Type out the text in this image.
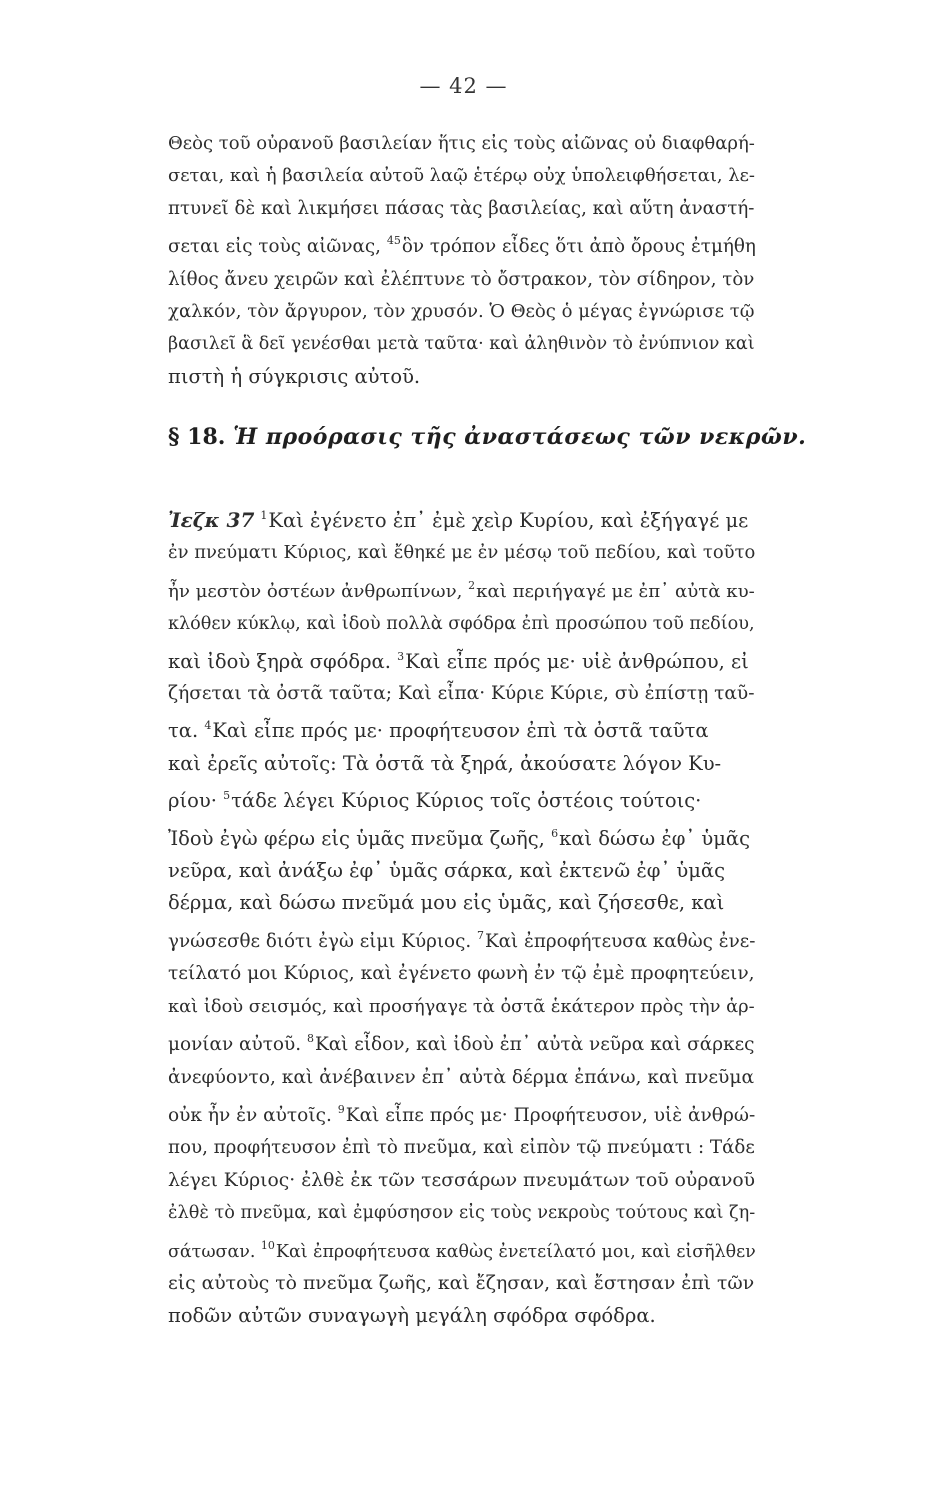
— 42 —
Θεὸς τοῦ οὐρανοῦ βασιλείαν ἥτις εἰς τοὺς αἰῶνας οὐ διαφθαρή-
σεται, καὶ ἡ βασιλεία αὐτοῦ λαῷ ἑτέρῳ οὐχ ὑπολειφθήσεται, λε-
πτυνεῖ δὲ καὶ λικμήσει πάσας τὰς βασιλείας, καὶ αὕτη ἀναστή-
σεται εἰς τοὺς αἰῶνας, $^{45}$ὃν τρόπον εἶδες ὅτι ἀπὸ ὄρους ἐτμήθη
λίθος ἄνευ χειρῶν καὶ ἐλέπτυνε τὸ ὄστρακον, τὸν σίδηρον, τὸν
χαλκόν, τὸν ἄργυρον, τὸν χρυσόν. Ὁ Θεὸς ὁ μέγας ἐγνώρισε τῷ
βασιλεῖ ἃ δεῖ γενέσθαι μετὰ ταῦτα· καὶ ἀληθινὸν τὸ ἐνύπνιον καὶ
πιστὴ ἡ σύγκρισις αὐτοῦ.
§ 18. Ἡ προόρασις τῆς ἀναστάσεως τῶν νεκρῶν.
Ἰεζκ 37 $^1$Καὶ ἐγένετο ἐπ᾽ ἐμὲ χεὶρ Κυρίου, καὶ ἐξήγαγέ με
ἐν πνεύματι Κύριος, καὶ ἔθηκέ με ἐν μέσῳ τοῦ πεδίου, καὶ τοῦτο
ἦν μεστὸν ὀστέων ἀνθρωπίνων, $^2$καὶ περιήγαγέ με ἐπ᾽ αὐτὰ κυ-
κλόθεν κύκλῳ, καὶ ἰδοὺ πολλὰ σφόδρα ἐπὶ προσώπου τοῦ πεδίου,
καὶ ἰδοὺ ξηρὰ σφόδρα. $^3$Καὶ εἶπε πρός με· υἱὲ ἀνθρώπου, εἰ
ζήσεται τὰ ὀστᾶ ταῦτα; Καὶ εἶπα· Κύριε Κύριε, σὺ ἐπίστῃ ταῦ-
τα. $^4$Καὶ εἶπε πρός με· προφήτευσον ἐπὶ τὰ ὀστᾶ ταῦτα
καὶ ἐρεῖς αὐτοῖς: Τὰ ὀστᾶ τὰ ξηρά, ἀκούσατε λόγον Κυ-
ρίου· $^5$τάδε λέγει Κύριος Κύριος τοῖς ὀστέοις τούτοις·
Ἰδοὺ ἐγὼ φέρω εἰς ὑμᾶς πνεῦμα ζωῆς, $^6$καὶ δώσω ἐφ᾽ ὑμᾶς
νεῦρα, καὶ ἀνάξω ἐφ᾽ ὑμᾶς σάρκα, καὶ ἐκτενῶ ἐφ᾽ ὑμᾶς
δέρμα, καὶ δώσω πνεῦμά μου εἰς ὑμᾶς, καὶ ζήσεσθε, καὶ
γνώσεσθε διότι ἐγὼ εἰμι Κύριος. $^7$Καὶ ἐπροφήτευσα καθὼς ἐνε-
τείλατό μοι Κύριος, καὶ ἐγένετο φωνὴ ἐν τῷ ἐμὲ προφητεύειν,
καὶ ἰδοὺ σεισμός, καὶ προσήγαγε τὰ ὀστᾶ ἑκάτερον πρὸς τὴν ἁρ-
μονίαν αὐτοῦ. $^8$Καὶ εἶδον, καὶ ἰδοὺ ἐπ᾽ αὐτὰ νεῦρα καὶ σάρκες
ἀνεφύοντο, καὶ ἀνέβαινεν ἐπ᾽ αὐτὰ δέρμα ἐπάνω, καὶ πνεῦμα
οὐκ ἦν ἐν αὐτοῖς. $^9$Καὶ εἶπε πρός με· Προφήτευσον, υἱὲ ἀνθρώ-
που, προφήτευσον ἐπὶ τὸ πνεῦμα, καὶ εἰπὸν τῷ πνεύματι : Τάδε
λέγει Κύριος· ἐλθὲ ἐκ τῶν τεσσάρων πνευμάτων τοῦ οὐρανοῦ
ἐλθὲ τὸ πνεῦμα, καὶ ἐμφύσησον εἰς τοὺς νεκροὺς τούτους καὶ ζη-
σάτωσαν. $^{10}$Καὶ ἐπροφήτευσα καθὼς ἐνετείλατό μοι, καὶ εἰσῆλθεν
εἰς αὐτοὺς τὸ πνεῦμα ζωῆς, καὶ ἔζησαν, καὶ ἔστησαν ἐπὶ τῶν
ποδῶν αὐτῶν συναγωγὴ μεγάλη σφόδρα σφόδρα.
